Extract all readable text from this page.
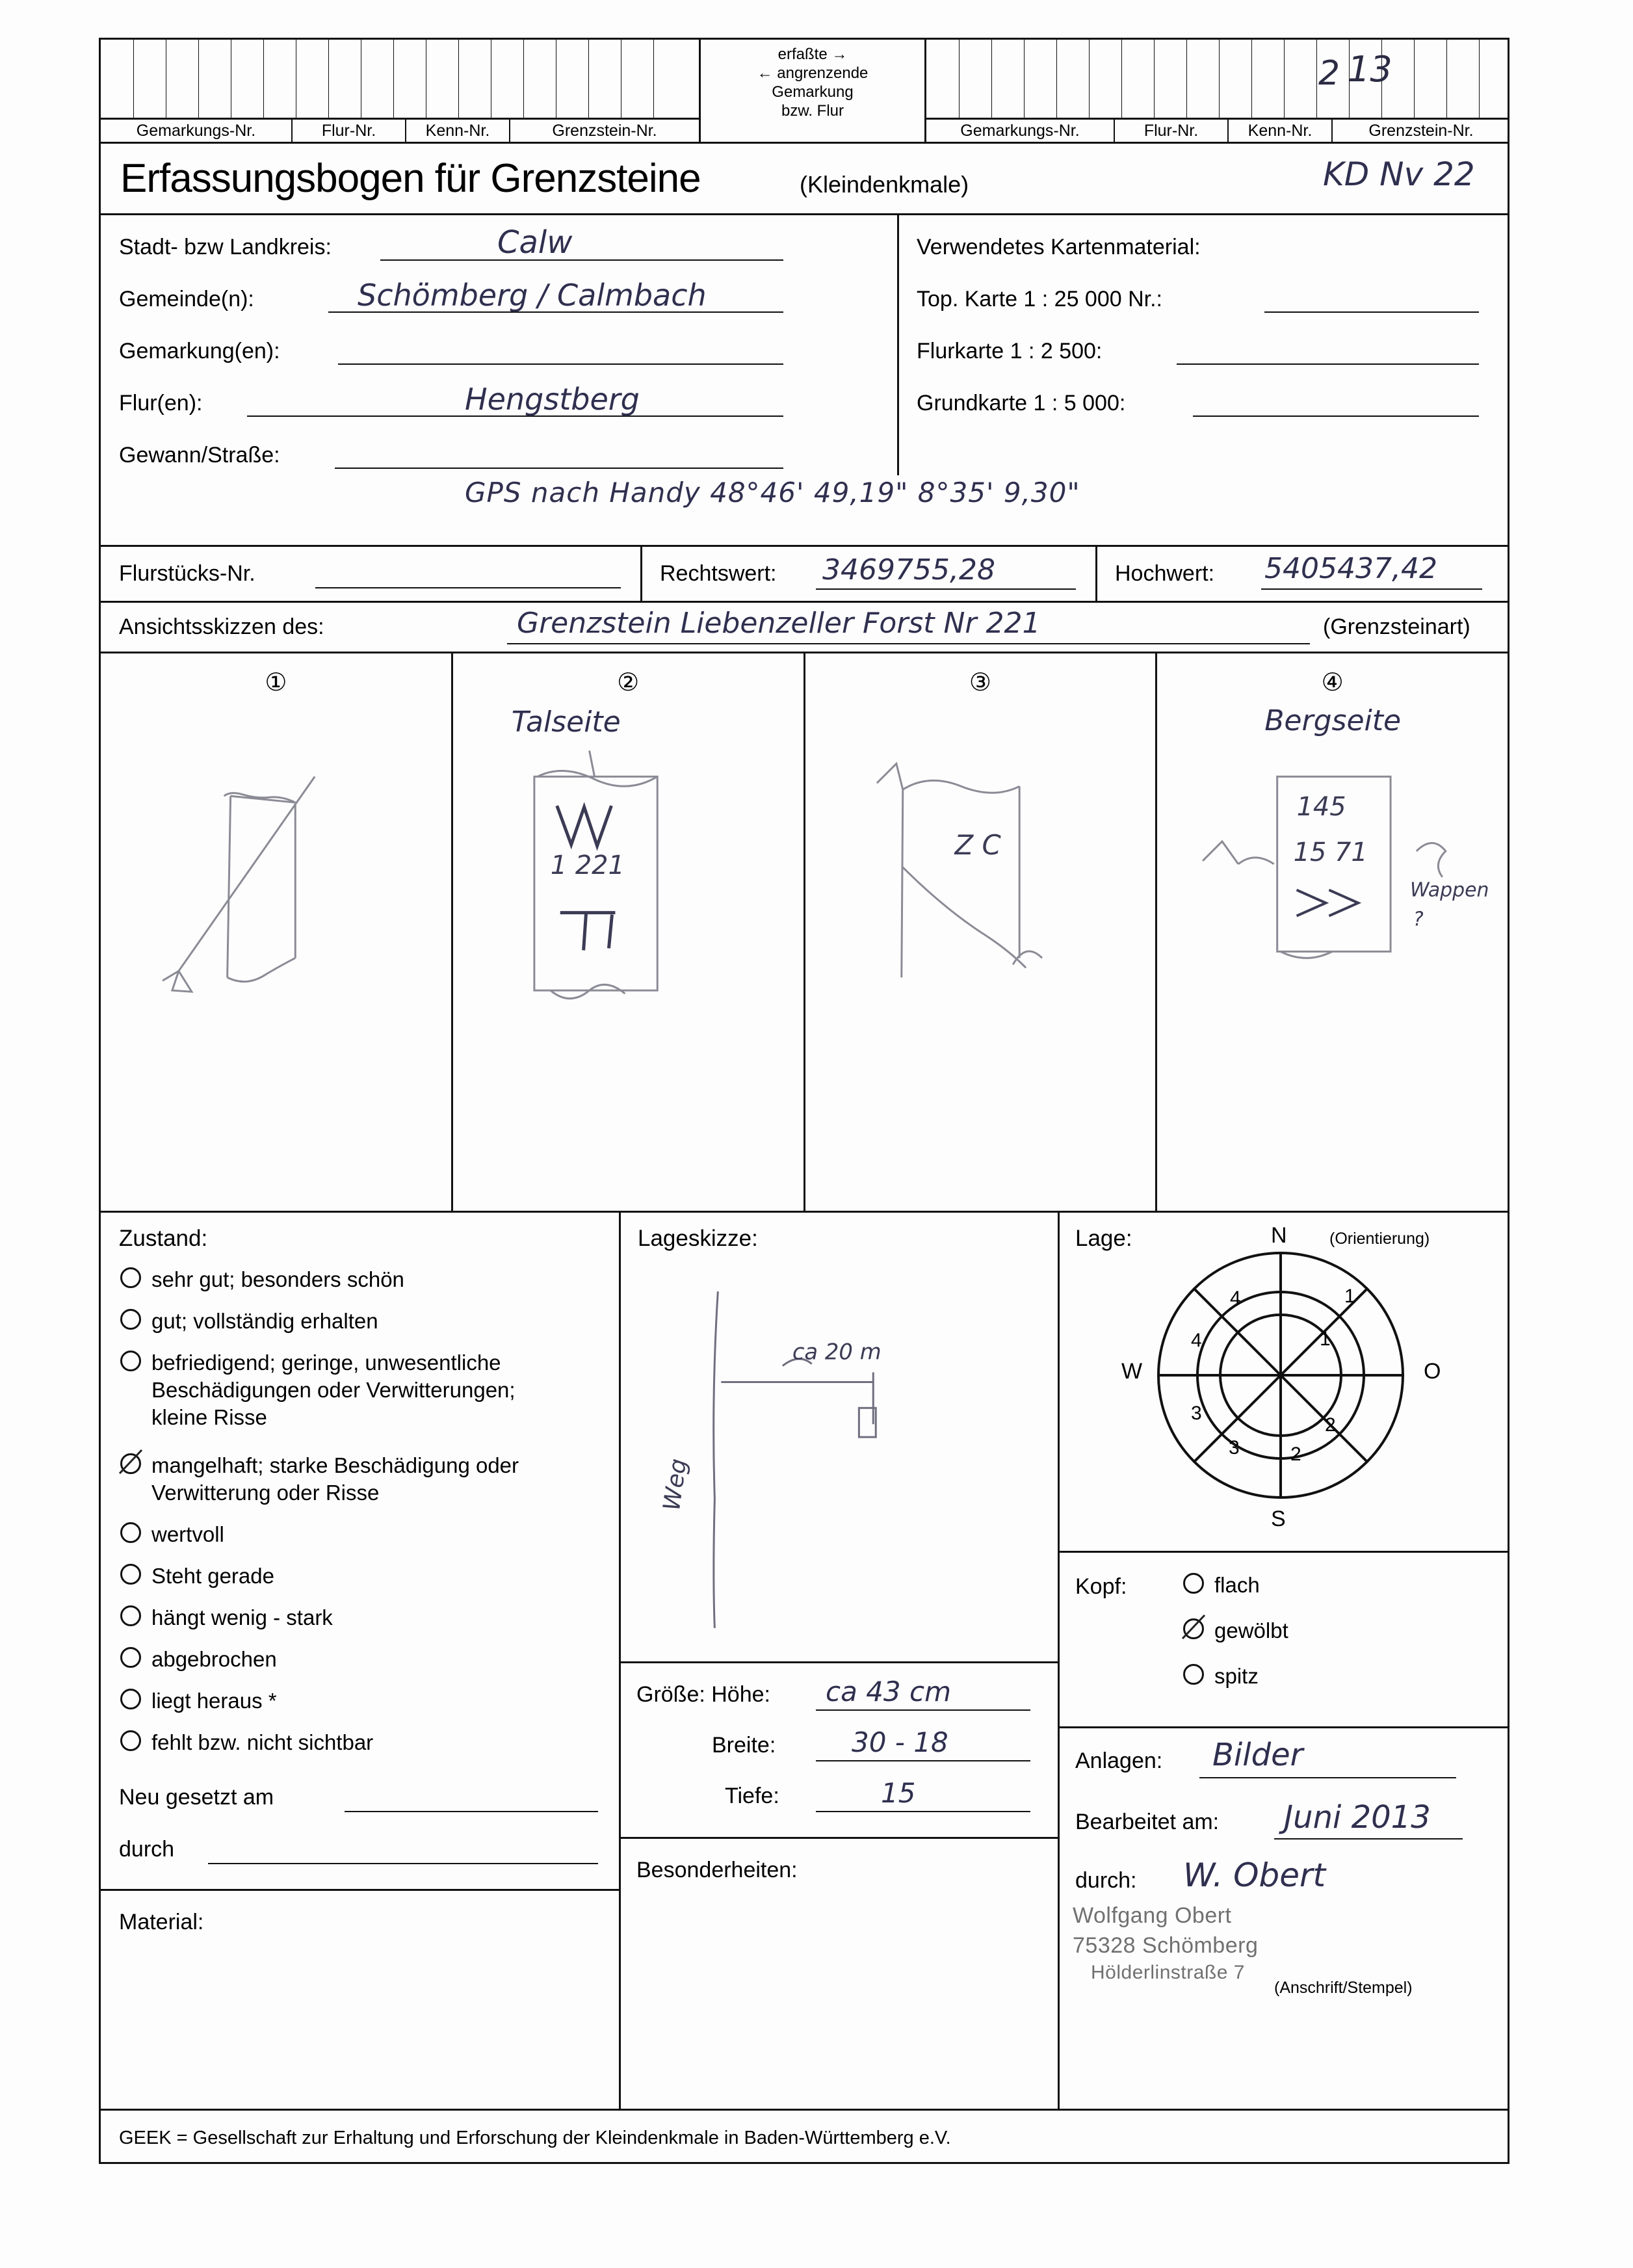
Gemarkungs-Nr.	Flur-Nr.	Kenn-Nr.	Grenzstein-Nr.
erfaßte →
← angrenzende
Gemarkung
bzw. Flur
2 13
Gemarkungs-Nr.	Flur-Nr.	Kenn-Nr.	Grenzstein-Nr.
Erfassungsbogen für Grenzsteine	(Kleindenkmale)	KD Nv 22
Stadt- bzw Landkreis:	Calw
Gemeinde(n):	Schömberg / Calmbach
Gemarkung(en):
Flur(en):	Hengstberg
Gewann/Straße:
GPS nach Handy 48°46' 49,19" 8°35' 9,30"
Verwendetes Kartenmaterial:
Top. Karte 1 : 25 000 Nr.:
Flurkarte 1 : 2 500:
Grundkarte 1 : 5 000:
Flurstücks-Nr.	Rechtswert: 3469755,28	Hochwert: 5405437,42
Ansichtsskizzen des:	Grenzstein Liebenzeller Forst Nr 221	(Grenzsteinart)
①	②
Talseite
1 221
③
Z C
④
Bergseite
145
15 71
Wappen
?
Zustand:
sehr gut; besonders schön
gut; vollständig erhalten
befriedigend; geringe, unwesentliche Beschädigungen oder Verwitterungen; kleine Risse
mangelhaft; starke Beschädigung oder Verwitterung oder Risse
wertvoll
Steht gerade
hängt wenig - stark
abgebrochen
liegt heraus *
fehlt bzw. nicht sichtbar
Neu gesetzt am
durch
Material:
Lageskizze:
ca 20 m
Weg
Größe: Höhe: ca 43 cm
Breite:	30 - 18
Tiefe:	15
Besonderheiten:
Lage:	(Orientierung)
1
1
2
2
3
3
4
4
N
O
S
W
Kopf:	flach
gewölbt
spitz
Anlagen: Bilder
Bearbeitet am: Juni 2013
durch: W. Obert
Wolfgang Obert
75328 Schömberg
Hölderlinstraße 7
(Anschrift/Stempel)
GEEK = Gesellschaft zur Erhaltung und Erforschung der Kleindenkmale in Baden-Württemberg e.V.
